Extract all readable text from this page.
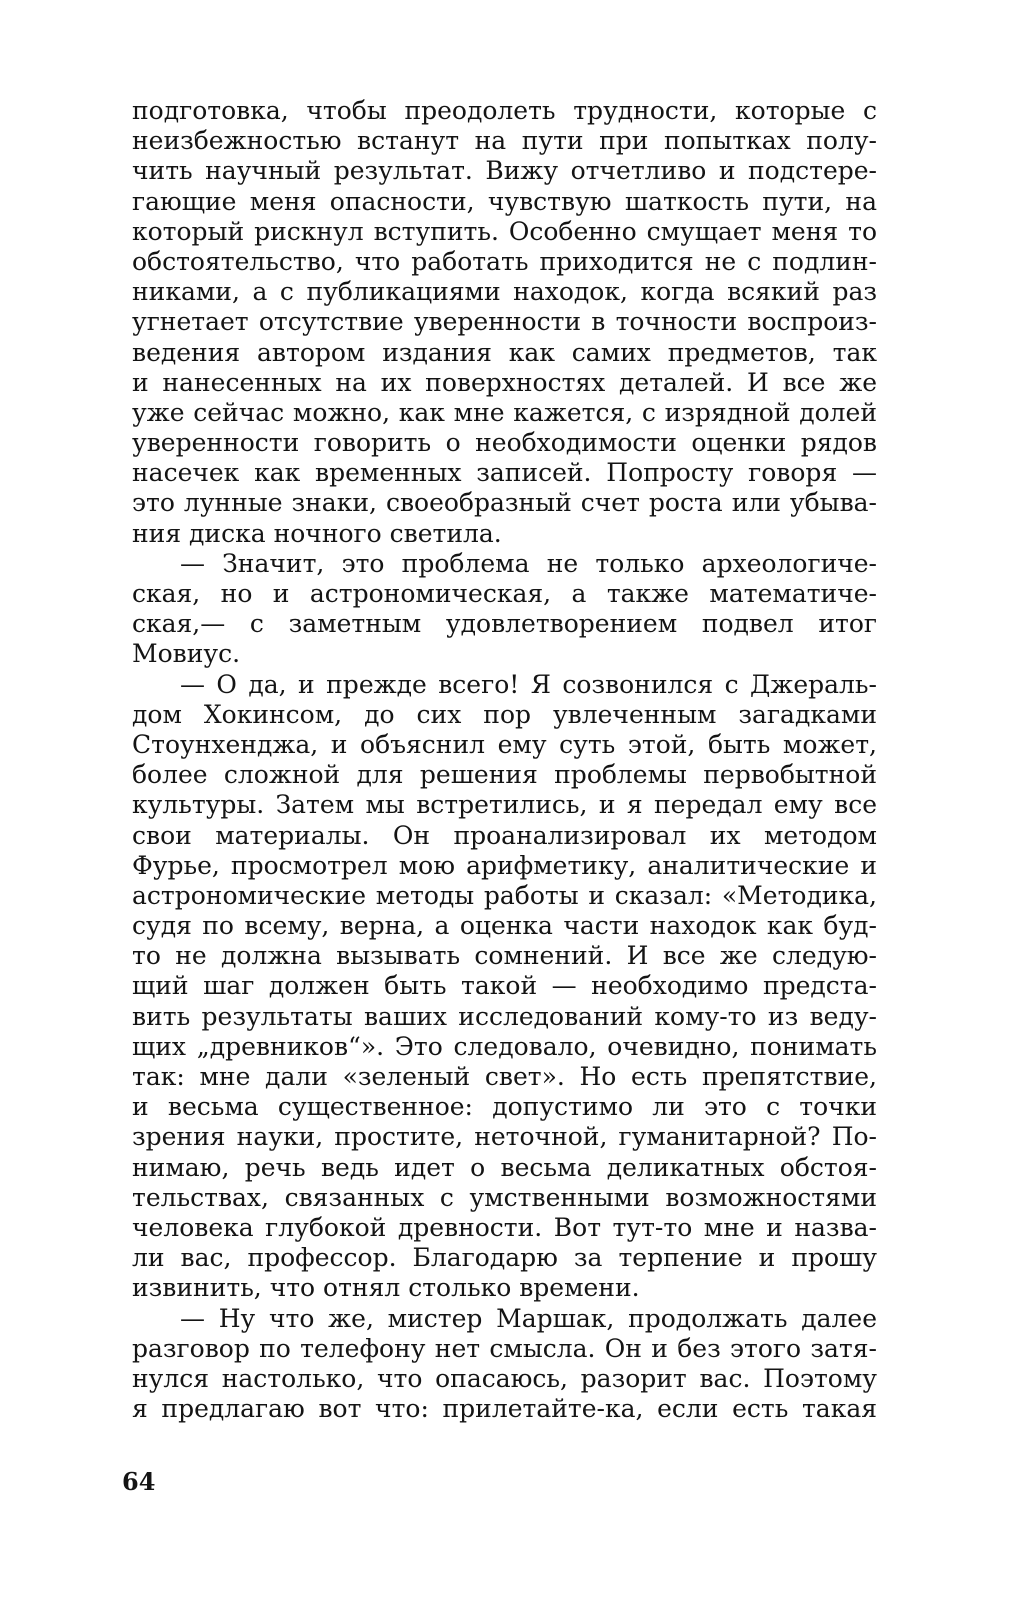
подготовка, чтобы преодолеть трудности, которые с
неизбежностью встанут на пути при попытках полу-
чить научный результат. Вижу отчетливо и подстере-
гающие меня опасности, чувствую шаткость пути, на
который рискнул вступить. Особенно смущает меня то
обстоятельство, что работать приходится не с подлин-
никами, а с публикациями находок, когда всякий раз
угнетает отсутствие уверенности в точности воспроиз-
ведения автором издания как самих предметов, так
и нанесенных на их поверхностях деталей. И все же
уже сейчас можно, как мне кажется, с изрядной долей
уверенности говорить о необходимости оценки рядов
насечек как временных записей. Попросту говоря —
это лунные знаки, своеобразный счет роста или убыва-
ния диска ночного светила.
— Значит, это проблема не только археологиче-
ская, но и астрономическая, а также математиче-
ская,— с заметным удовлетворением подвел итог
Мовиус.
— О да, и прежде всего! Я созвонился с Джераль-
дом Хокинсом, до сих пор увлеченным загадками
Стоунхенджа, и объяснил ему суть этой, быть может,
более сложной для решения проблемы первобытной
культуры. Затем мы встретились, и я передал ему все
свои материалы. Он проанализировал их методом
Фурье, просмотрел мою арифметику, аналитические и
астрономические методы работы и сказал: «Методика,
судя по всему, верна, а оценка части находок как буд-
то не должна вызывать сомнений. И все же следую-
щий шаг должен быть такой — необходимо предста-
вить результаты ваших исследований кому-то из веду-
щих „древников“». Это следовало, очевидно, понимать
так: мне дали «зеленый свет». Но есть препятствие,
и весьма существенное: допустимо ли это с точки
зрения науки, простите, неточной, гуманитарной? По-
нимаю, речь ведь идет о весьма деликатных обстоя-
тельствах, связанных с умственными возможностями
человека глубокой древности. Вот тут-то мне и назва-
ли вас, профессор. Благодарю за терпение и прошу
извинить, что отнял столько времени.
— Ну что же, мистер Маршак, продолжать далее
разговор по телефону нет смысла. Он и без этого затя-
нулся настолько, что опасаюсь, разорит вас. Поэтому
я предлагаю вот что: прилетайте-ка, если есть такая
64
